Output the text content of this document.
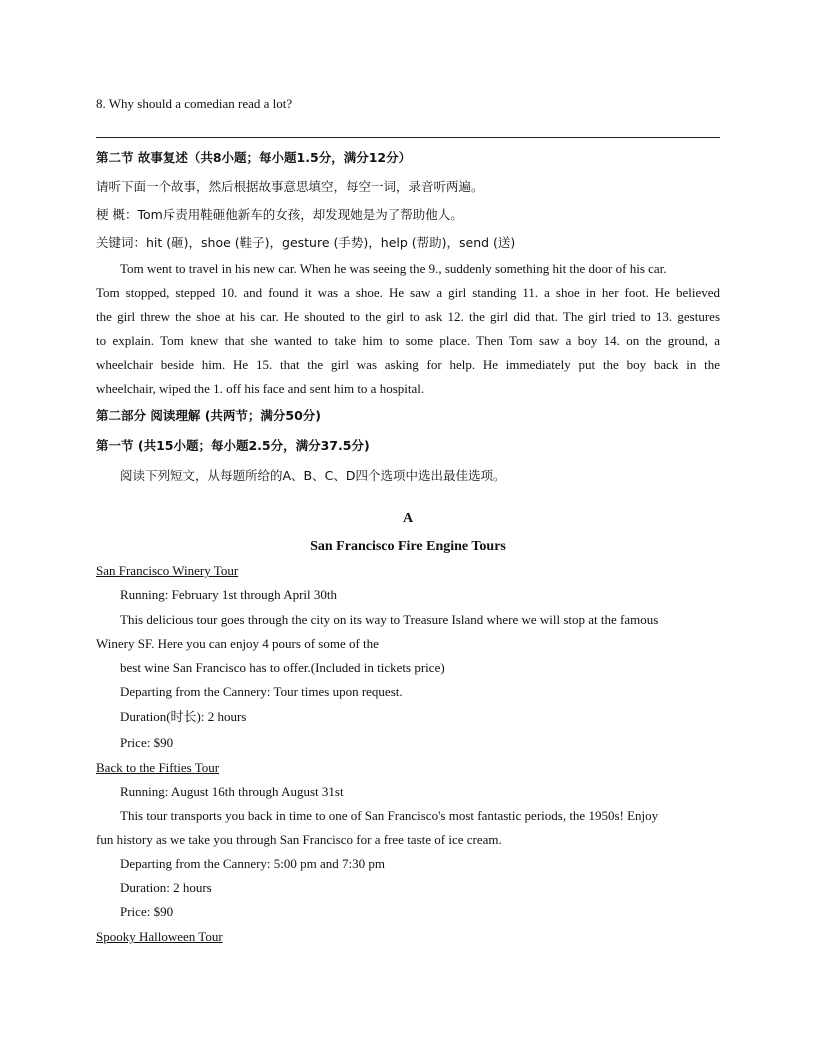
8. Why should a comedian read a lot?
第二节 故事复述（共8小题；每小题1.5分，满分12分）
请听下面一个故事，然后根据故事意思填空，每空一词，录音听两遍。
梗 概：Tom斥责用鞋砸他新车的女孩，却发现她是为了帮助他人。
关键词：hit (砸)，shoe (鞋子)，gesture (手势)，help (帮助)，send (送)
Tom went to travel in his new car. When he was seeing the 9., suddenly something hit the door of his car.
Tom stopped, stepped 10. and found it was a shoe. He saw a girl standing 11. a shoe in her foot. He believed
the girl threw the shoe at his car. He shouted to the girl to ask 12. the girl did that. The girl tried to 13. gestures
to explain. Tom knew that she wanted to take him to some place. Then Tom saw a boy 14. on the ground, a
wheelchair beside him. He 15. that the girl was asking for help. He immediately put the boy back in the
wheelchair, wiped the 1. off his face and sent him to a hospital.
第二部分 阅读理解 (共两节；满分50分)
第一节 (共15小题；每小题2.5分，满分37.5分)
阅读下列短文，从每题所给的A、B、C、D四个选项中选出最佳选项。
A
San Francisco Fire Engine Tours
San Francisco Winery Tour
Running: February 1st through April 30th
This delicious tour goes through the city on its way to Treasure Island where we will stop at the famous
Winery SF. Here you can enjoy 4 pours of some of the
best wine San Francisco has to offer.(Included in tickets price)
Departing from the Cannery: Tour times upon request.
Duration(时长): 2 hours
Price: $90
Back to the Fifties Tour
Running: August 16th through August 31st
This tour transports you back in time to one of San Francisco's most fantastic periods, the 1950s! Enjoy
fun history as we take you through San Francisco for a free taste of ice cream.
Departing from the Cannery: 5:00 pm and 7:30 pm
Duration: 2 hours
Price: $90
Spooky Halloween Tour
